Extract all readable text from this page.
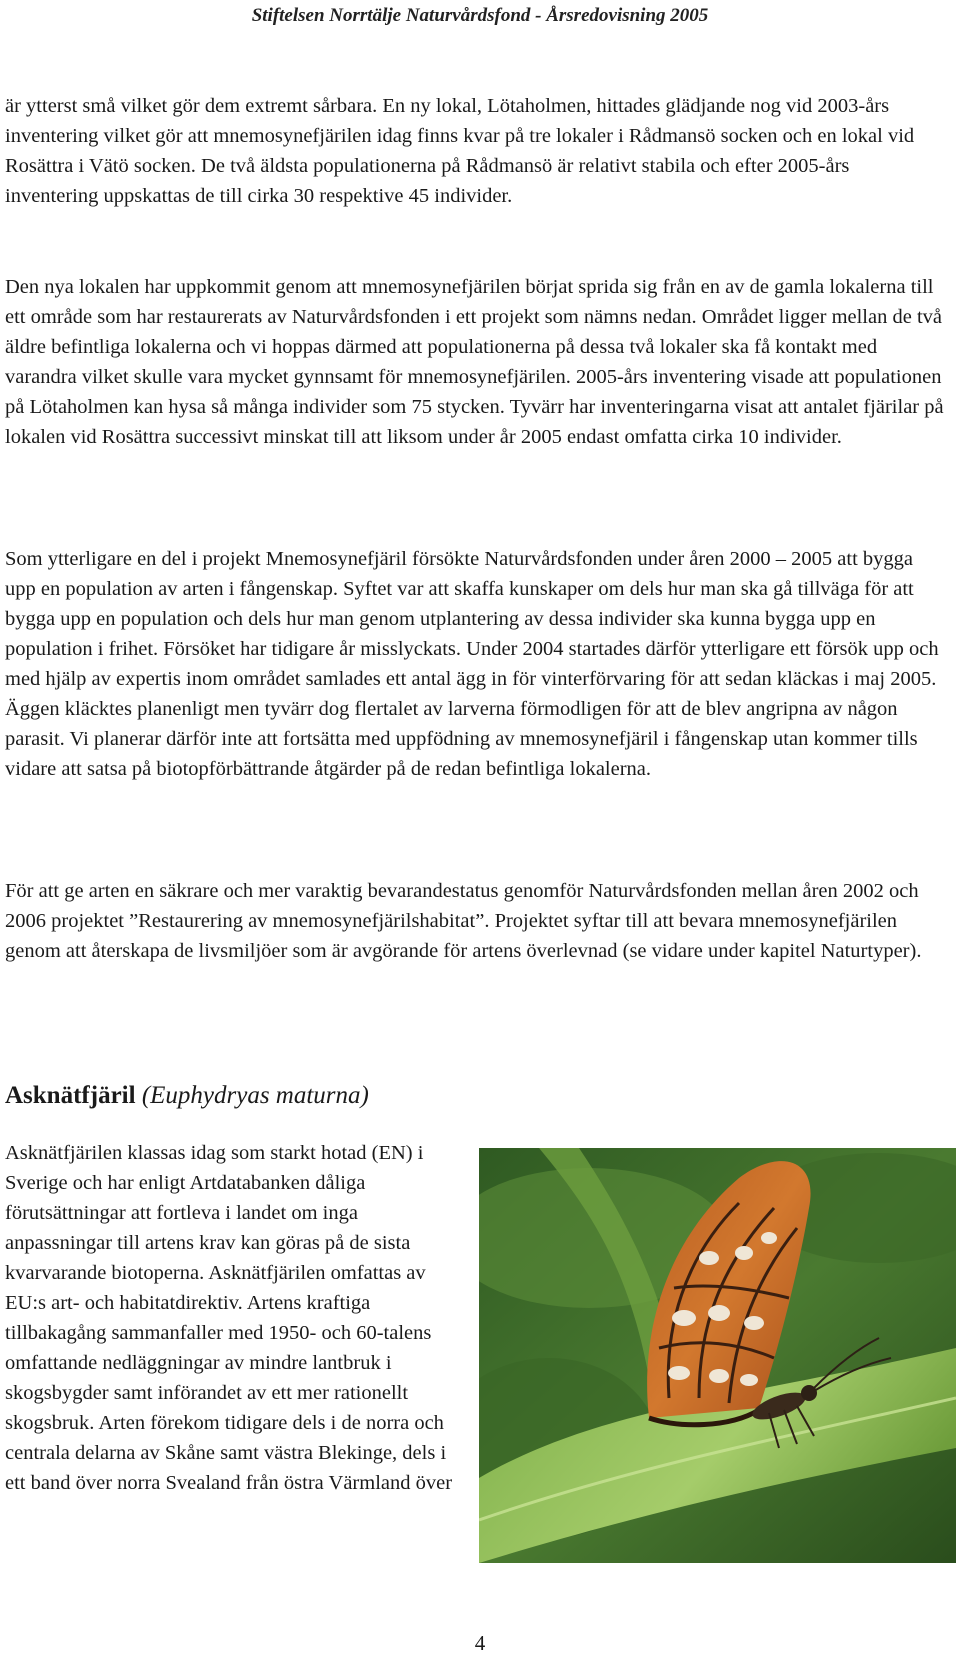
Stiftelsen Norrtälje Naturvårdsfond - Årsredovisning 2005

är ytterst små vilket gör dem extremt sårbara. En ny lokal, Lötaholmen, hittades glädjande nog vid 2003-års inventering vilket gör att mnemosynefjärilen idag finns kvar på tre lokaler i Rådmansö socken och en lokal vid Rosättra i Vätö socken. De två äldsta populationerna på Rådmansö är relativt stabila och efter 2005-års inventering uppskattas de till cirka 30 respektive 45 individer.

Den nya lokalen har uppkommit genom att mnemosynefjärilen börjat sprida sig från en av de gamla lokalerna till ett område som har restaurerats av Naturvårdsfonden i ett projekt som nämns nedan. Området ligger mellan de två äldre befintliga lokalerna och vi hoppas därmed att populationerna på dessa två lokaler ska få kontakt med varandra vilket skulle vara mycket gynnsamt för mnemosynefjärilen. 2005-års inventering visade att populationen på Lötaholmen kan hysa så många individer som 75 stycken. Tyvärr har inventeringarna visat att antalet fjärilar på lokalen vid Rosättra successivt minskat till att liksom under år 2005 endast omfatta cirka 10 individer.

Som ytterligare en del i projekt Mnemosynefjäril försökte Naturvårdsfonden under åren 2000 – 2005 att bygga upp en population av arten i fångenskap. Syftet var att skaffa kunskaper om dels hur man ska gå tillväga för att bygga upp en population och dels hur man genom utplantering av dessa individer ska kunna bygga upp en population i frihet. Försöket har tidigare år misslyckats. Under 2004 startades därför ytterligare ett försök upp och med hjälp av expertis inom området samlades ett antal ägg in för vinterförvaring för att sedan kläckas i maj 2005. Äggen kläcktes planenligt men tyvärr dog flertalet av larverna förmodligen för att de blev angripna av någon parasit. Vi planerar därför inte att fortsätta med uppfödning av mnemosynefjäril i fångenskap utan kommer tills vidare att satsa på biotopförbättrande åtgärder på de redan befintliga lokalerna.

För att ge arten en säkrare och mer varaktig bevarandestatus genomför Naturvårdsfonden mellan åren 2002 och 2006 projektet ”Restaurering av mnemosynefjärilshabitat”. Projektet syftar till att bevara mnemosynefjärilen genom att återskapa de livsmiljöer som är avgörande för artens överlevnad (se vidare under kapitel Naturtyper).

Asknätfjäril (Euphydryas maturna)

Asknätfjärilen klassas idag som starkt hotad (EN) i Sverige och har enligt Artdatabanken dåliga förutsättningar att fortleva i landet om inga anpassningar till artens krav kan göras på de sista kvarvarande biotoperna. Asknätfjärilen omfattas av EU:s art- och habitatdirektiv. Artens kraftiga tillbakagång sammanfaller med 1950- och 60-talens omfattande nedläggningar av mindre lantbruk i skogsbygder samt införandet av ett mer rationellt skogsbruk. Arten förekom tidigare dels i de norra och centrala delarna av Skåne samt västra Blekinge, dels i ett band över norra Svealand från östra Värmland över

4
